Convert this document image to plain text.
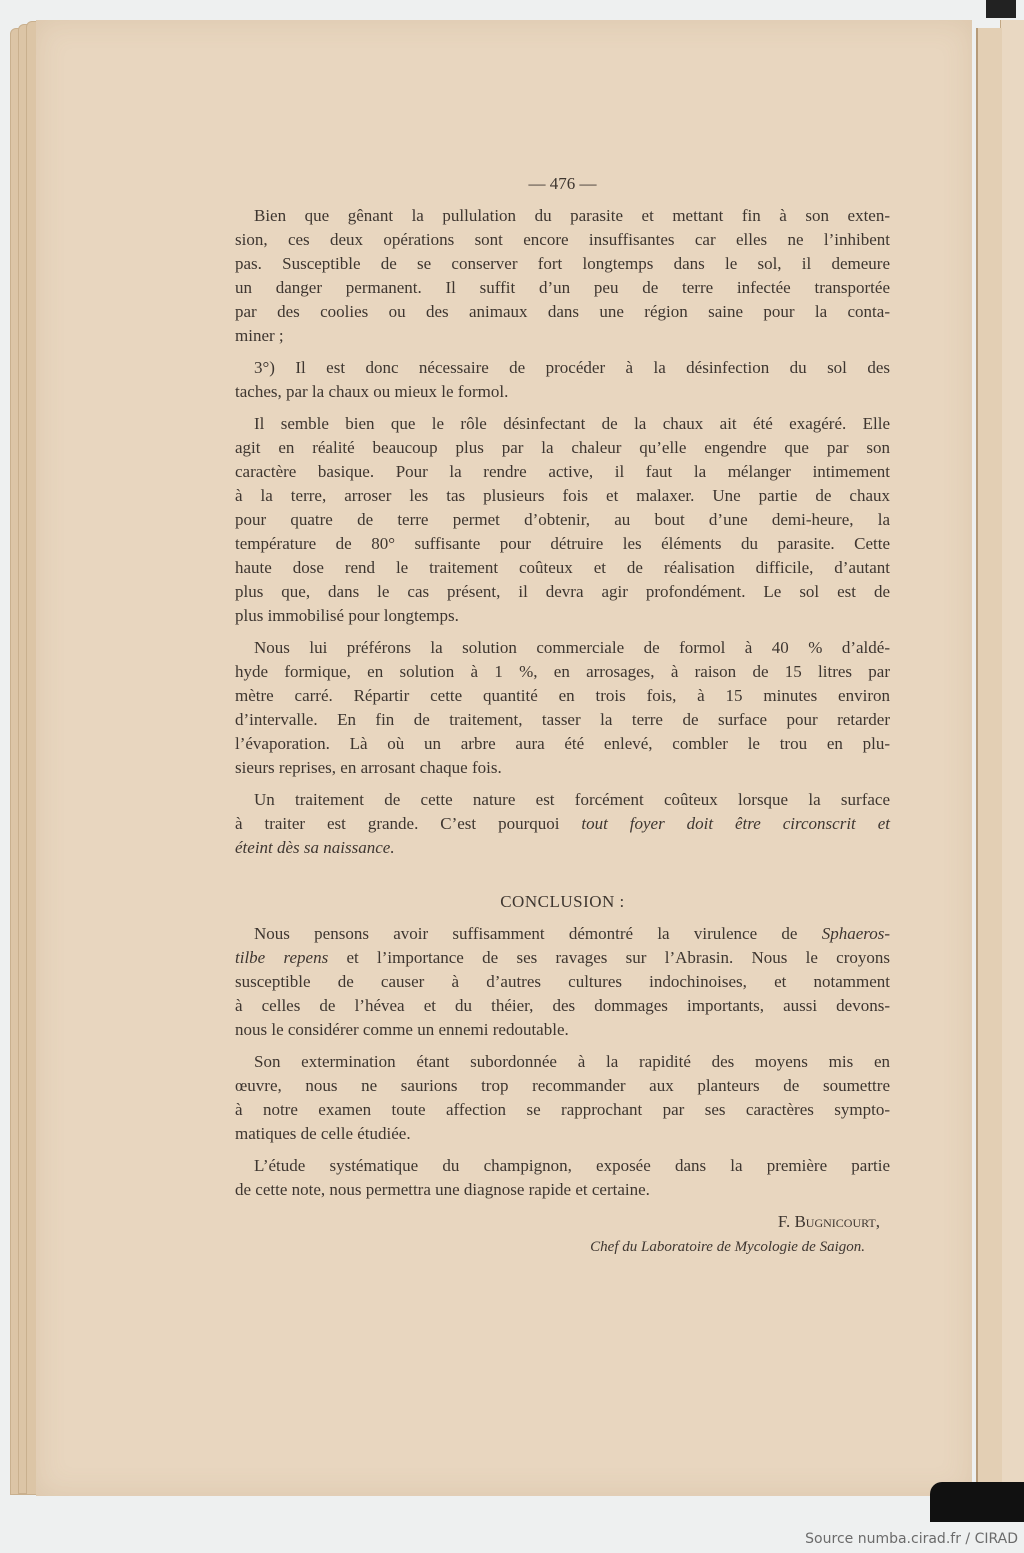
— 476 —
Bien que gênant la pullulation du parasite et mettant fin à son exten-
sion, ces deux opérations sont encore insuffisantes car elles ne l’inhibent
pas. Susceptible de se conserver fort longtemps dans le sol, il demeure
un danger permanent. Il suffit d’un peu de terre infectée transportée
par des coolies ou des animaux dans une région saine pour la conta-
miner ;
3°) Il est donc nécessaire de procéder à la désinfection du sol des
taches, par la chaux ou mieux le formol.
Il semble bien que le rôle désinfectant de la chaux ait été exagéré. Elle
agit en réalité beaucoup plus par la chaleur qu’elle engendre que par son
caractère basique. Pour la rendre active, il faut la mélanger intimement
à la terre, arroser les tas plusieurs fois et malaxer. Une partie de chaux
pour quatre de terre permet d’obtenir, au bout d’une demi-heure, la
température de 80° suffisante pour détruire les éléments du parasite. Cette
haute dose rend le traitement coûteux et de réalisation difficile, d’autant
plus que, dans le cas présent, il devra agir profondément. Le sol est de
plus immobilisé pour longtemps.
Nous lui préférons la solution commerciale de formol à 40 % d’aldé-
hyde formique, en solution à 1 %, en arrosages, à raison de 15 litres par
mètre carré. Répartir cette quantité en trois fois, à 15 minutes environ
d’intervalle. En fin de traitement, tasser la terre de surface pour retarder
l’évaporation. Là où un arbre aura été enlevé, combler le trou en plu-
sieurs reprises, en arrosant chaque fois.
Un traitement de cette nature est forcément coûteux lorsque la surface
à traiter est grande. C’est pourquoi tout foyer doit être circonscrit et
éteint dès sa naissance.
CONCLUSION :
Nous pensons avoir suffisamment démontré la virulence de Sphaeros-
tilbe repens et l’importance de ses ravages sur l’Abrasin. Nous le croyons
susceptible de causer à d’autres cultures indochinoises, et notamment
à celles de l’hévea et du théier, des dommages importants, aussi devons-
nous le considérer comme un ennemi redoutable.
Son extermination étant subordonnée à la rapidité des moyens mis en
œuvre, nous ne saurions trop recommander aux planteurs de soumettre
à notre examen toute affection se rapprochant par ses caractères sympto-
matiques de celle étudiée.
L’étude systématique du champignon, exposée dans la première partie
de cette note, nous permettra une diagnose rapide et certaine.
F. Bugnicourt,
Chef du Laboratoire de Mycologie de Saigon.
Source numba.cirad.fr / CIRAD
